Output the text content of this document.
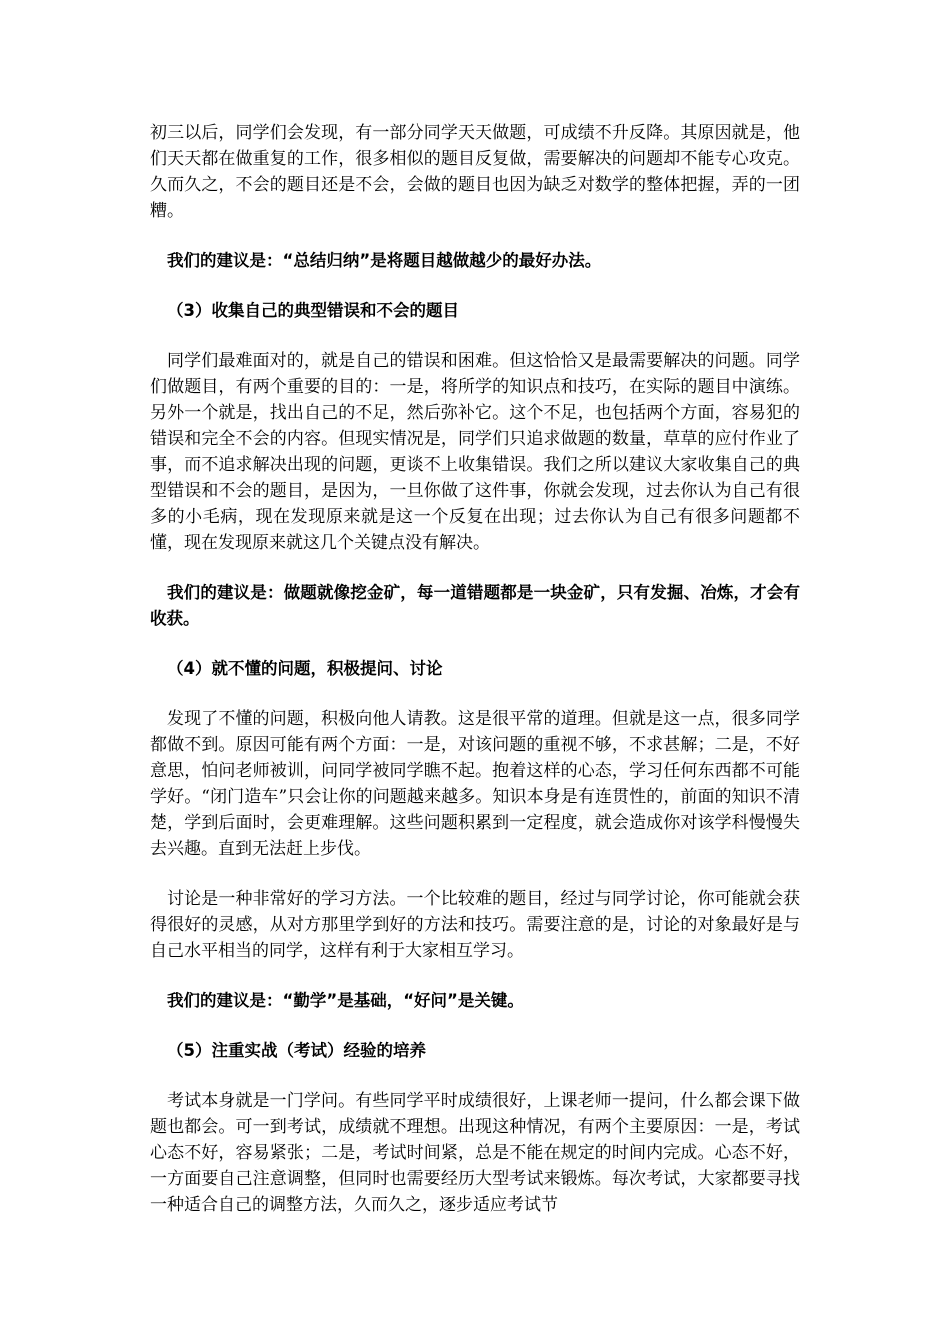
初三以后，同学们会发现，有一部分同学天天做题，可成绩不升反降。其原因就是，他们天天都在做重复的工作，很多相似的题目反复做，需要解决的问题却不能专心攻克。久而久之，不会的题目还是不会，会做的题目也因为缺乏对数学的整体把握，弄的一团糟。

我们的建议是：“总结归纳”是将题目越做越少的最好办法。

（3）收集自己的典型错误和不会的题目

同学们最难面对的，就是自己的错误和困难。但这恰恰又是最需要解决的问题。同学们做题目，有两个重要的目的：一是，将所学的知识点和技巧，在实际的题目中演练。另外一个就是，找出自己的不足，然后弥补它。这个不足，也包括两个方面，容易犯的错误和完全不会的内容。但现实情况是，同学们只追求做题的数量，草草的应付作业了事，而不追求解决出现的问题，更谈不上收集错误。我们之所以建议大家收集自己的典型错误和不会的题目，是因为，一旦你做了这件事，你就会发现，过去你认为自己有很多的小毛病，现在发现原来就是这一个反复在出现；过去你认为自己有很多问题都不懂，现在发现原来就这几个关键点没有解决。

我们的建议是：做题就像挖金矿，每一道错题都是一块金矿，只有发掘、冶炼，才会有收获。

（4）就不懂的问题，积极提问、讨论

发现了不懂的问题，积极向他人请教。这是很平常的道理。但就是这一点，很多同学都做不到。原因可能有两个方面：一是，对该问题的重视不够，不求甚解；二是，不好意思，怕问老师被训，问同学被同学瞧不起。抱着这样的心态，学习任何东西都不可能学好。“闭门造车”只会让你的问题越来越多。知识本身是有连贯性的，前面的知识不清楚，学到后面时，会更难理解。这些问题积累到一定程度，就会造成你对该学科慢慢失去兴趣。直到无法赶上步伐。

讨论是一种非常好的学习方法。一个比较难的题目，经过与同学讨论，你可能就会获得很好的灵感，从对方那里学到好的方法和技巧。需要注意的是，讨论的对象最好是与自己水平相当的同学，这样有利于大家相互学习。

我们的建议是：“勤学”是基础，“好问”是关键。

（5）注重实战（考试）经验的培养

考试本身就是一门学问。有些同学平时成绩很好，上课老师一提问，什么都会课下做题也都会。可一到考试，成绩就不理想。出现这种情况，有两个主要原因：一是，考试心态不好，容易紧张；二是，考试时间紧，总是不能在规定的时间内完成。心态不好，一方面要自己注意调整，但同时也需要经历大型考试来锻炼。每次考试，大家都要寻找一种适合自己的调整方法，久而久之，逐步适应考试节
